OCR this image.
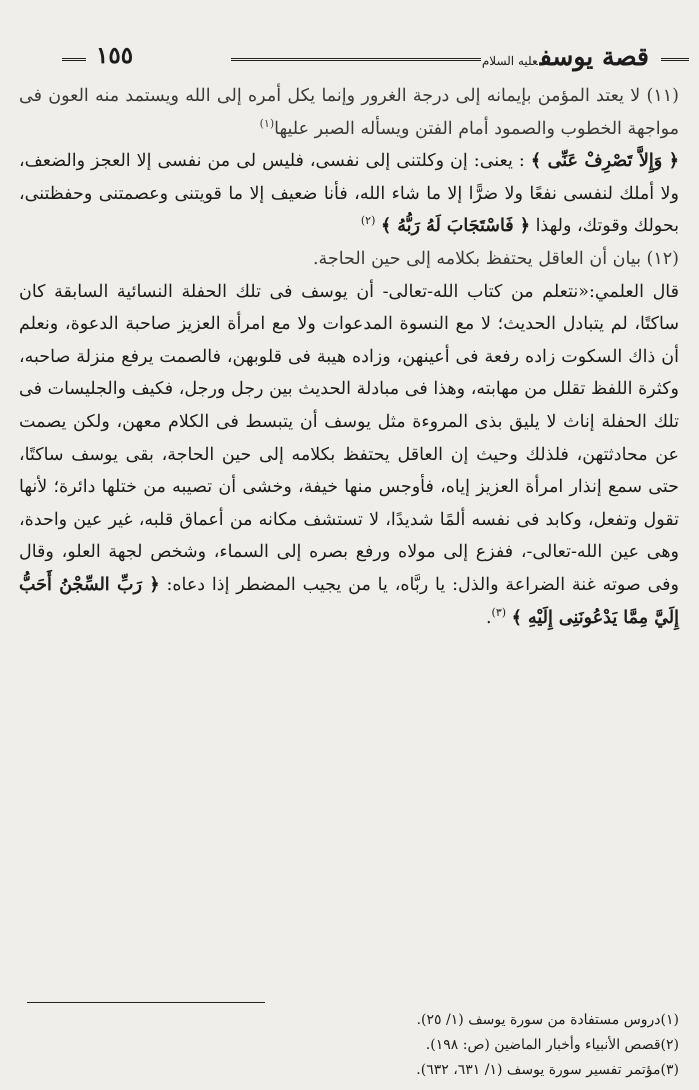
قصة يوسفعليه السلام
١٥٥

(١١) لا يعتد المؤمن بإيمانه إلى درجة الغرور وإنما يكل أمره إلى الله ويستمد منه العون فى مواجهة الخطوب والصمود أمام الفتن ويسأله الصبر عليها$^{(١)}$

﴿ وَإِلاَّ تَصْرِفْ عَنِّى ﴾ : يعنى: إن وكلتنى إلى نفسى، فليس لى من نفسى إلا العجز والضعف، ولا أملك لنفسى نفعًا ولا ضرًّا إلا ما شاء الله، فأنا ضعيف إلا ما قويتنى وعصمتنى وحفظتنى، بحولك وقوتك، ولهذا ﴿ فَاسْتَجَابَ لَهُ رَبُّهُ ﴾ $^{(٢)}$

(١٢) بيان أن العاقل يحتفظ بكلامه إلى حين الحاجة.

قال العلمي:«نتعلم من كتاب الله-تعالى- أن يوسف فى تلك الحفلة النسائية السابقة كان ساكتًا، لم يتبادل الحديث؛ لا مع النسوة المدعوات ولا مع امرأة العزيز صاحبة الدعوة، ونعلم أن ذاك السكوت زاده رفعة فى أعينهن، وزاده هيبة فى قلوبهن، فالصمت يرفع منزلة صاحبه، وكثرة اللفظ تقلل من مهابته، وهذا فى مبادلة الحديث بين رجل ورجل، فكيف والجليسات فى تلك الحفلة إناث لا يليق بذى المروءة مثل يوسف أن يتبسط فى الكلام معهن، ولكن يصمت عن محادثتهن، فلذلك وحيث إن العاقل يحتفظ بكلامه إلى حين الحاجة، بقى يوسف ساكتًا، حتى سمع إنذار امرأة العزيز إياه، فأوجس منها خيفة، وخشى أن تصيبه من ختلها دائرة؛ لأنها تقول وتفعل، وكابد فى نفسه ألمًا شديدًا، لا تستشف مكانه من أعماق قلبه، غير عين واحدة، وهى عين الله-تعالى-، ففزع إلى مولاه ورفع بصره إلى السماء، وشخص لجهة العلو، وقال وفى صوته غنة الضراعة والذل: يا ربَّاه، يا من يجيب المضطر إذا دعاه: ﴿ رَبِّ السِّجْنُ أَحَبُّ إِلَيَّ مِمَّا يَدْعُونَنِى إِلَيْهِ ﴾ $^{(٣)}$.

(١)دروس مستفادة من سورة يوسف (١/ ٢٥).

(٢)قصص الأنبياء وأخبار الماضين (ص: ١٩٨).

(٣)مؤتمر تفسير سورة يوسف (١/ ٦٣١، ٦٣٢).
